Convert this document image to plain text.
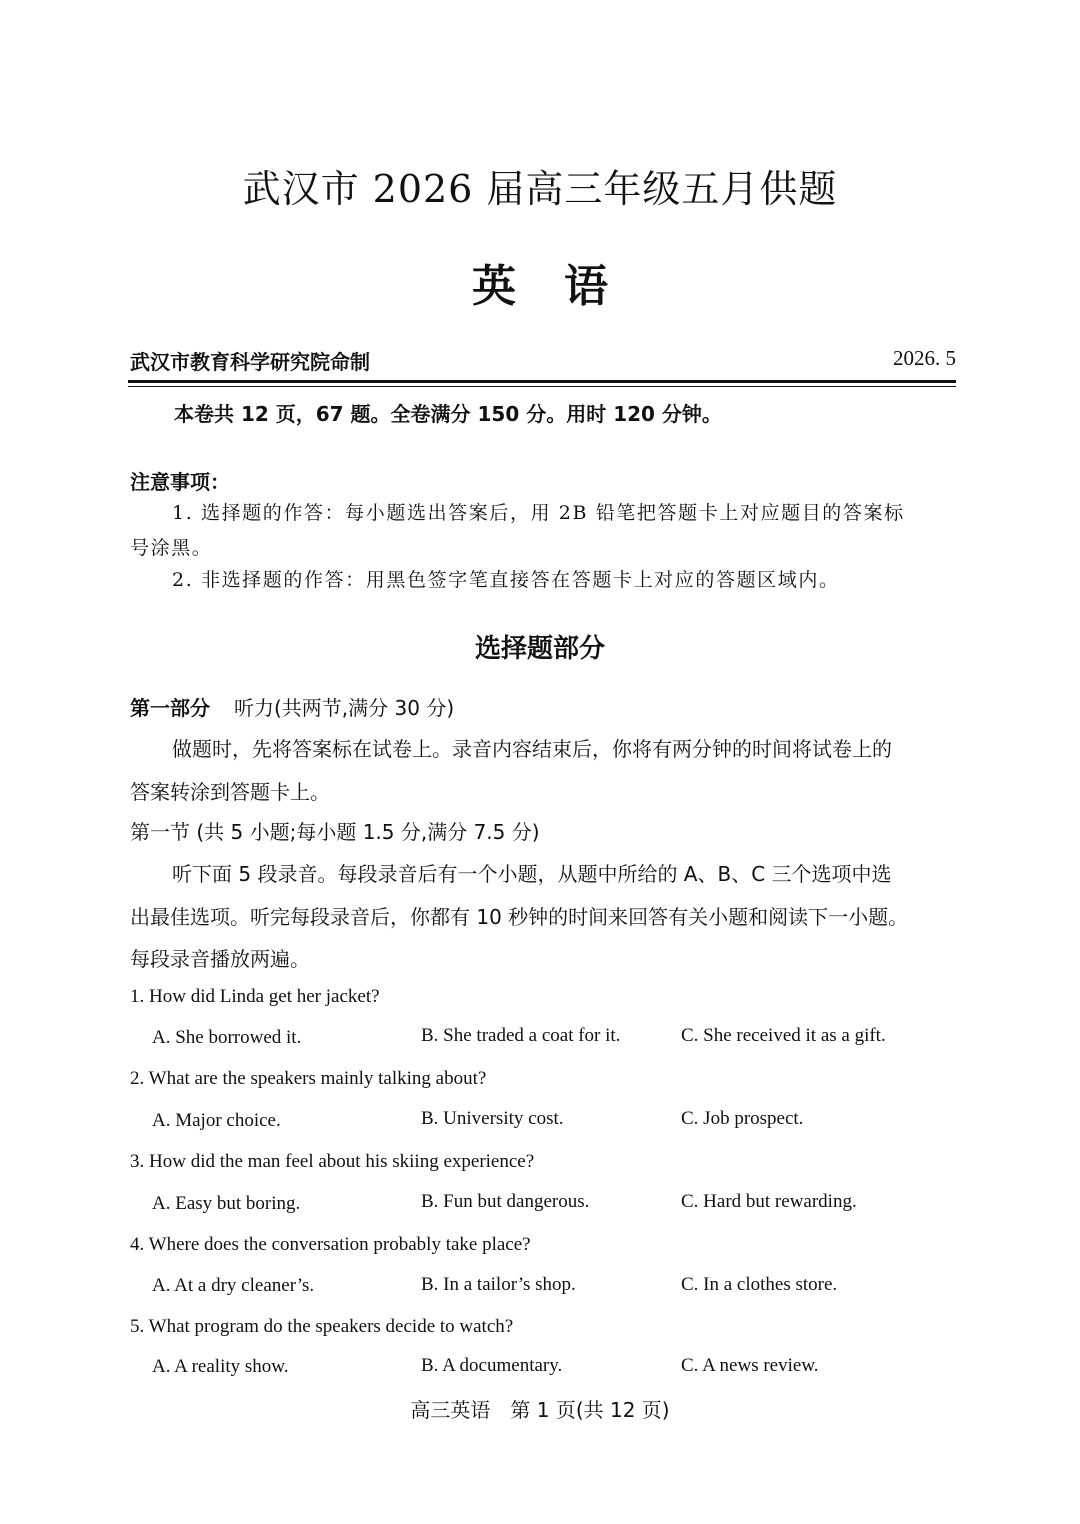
武汉市 2026 届高三年级五月供题
英语
武汉市教育科学研究院命制	2026. 5
本卷共 12 页，67 题。全卷满分 150 分。用时 120 分钟。
注意事项：
1. 选择题的作答：每小题选出答案后，用 2B 铅笔把答题卡上对应题目的答案标
号涂黑。
2. 非选择题的作答：用黑色签字笔直接答在答题卡上对应的答题区域内。
选择题部分
第一部分 听力(共两节,满分 30 分)
做题时，先将答案标在试卷上。录音内容结束后，你将有两分钟的时间将试卷上的
答案转涂到答题卡上。
第一节 (共 5 小题;每小题 1.5 分,满分 7.5 分)
听下面 5 段录音。每段录音后有一个小题，从题中所给的 A、B、C 三个选项中选
出最佳选项。听完每段录音后，你都有 10 秒钟的时间来回答有关小题和阅读下一小题。
每段录音播放两遍。
1. How did Linda get her jacket?
A. She borrowed it.	B. She traded a coat for it.	C. She received it as a gift.
2. What are the speakers mainly talking about?
A. Major choice.	B. University cost.	C. Job prospect.
3. How did the man feel about his skiing experience?
A. Easy but boring.	B. Fun but dangerous.	C. Hard but rewarding.
4. Where does the conversation probably take place?
A. At a dry cleaner’s.	B. In a tailor’s shop.	C. In a clothes store.
5. What program do the speakers decide to watch?
A. A reality show.	B. A documentary.	C. A news review.
高三英语　第 1 页(共 12 页)
